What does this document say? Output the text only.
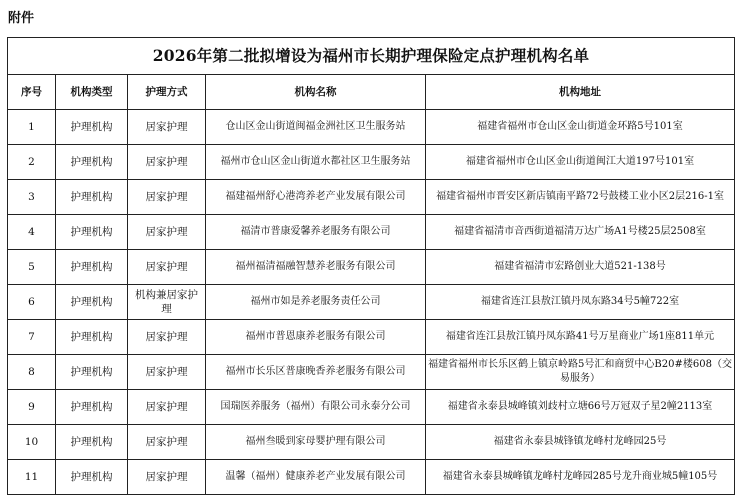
附件
2026年第二批拟增设为福州市长期护理保险定点护理机构名单				
序号	机构类型	护理方式	机构名称	机构地址
1	护理机构	居家护理	仓山区金山街道闽福金洲社区卫生服务站	福建省福州市仓山区金山街道金环路5号101室
2	护理机构	居家护理	福州市仓山区金山街道水都社区卫生服务站	福建省福州市仓山区金山街道闽江大道197号101室
3	护理机构	居家护理	福建福州舒心港湾养老产业发展有限公司	福建省福州市晋安区新店镇南平路72号鼓楼工业小区2层216-1室
4	护理机构	居家护理	福清市普康爱馨养老服务有限公司	福建省福清市音西街道福清万达广场A1号楼25层2508室
5	护理机构	居家护理	福州福清福融智慧养老服务有限公司	福建省福清市宏路创业大道521-138号
6	护理机构	机构兼居家护理	福州市如是养老服务责任公司	福建省连江县敖江镇丹凤东路34号5幢722室
7	护理机构	居家护理	福州市普恩康养老服务有限公司	福建省连江县敖江镇丹凤东路41号万星商业广场1座811单元
8	护理机构	居家护理	福州市长乐区普康晚香养老服务有限公司	福建省福州市长乐区鹤上镇京岭路5号汇和商贸中心B20#楼608（交易服务）
9	护理机构	居家护理	国瑞医养服务（福州）有限公司永泰分公司	福建省永泰县城峰镇刘歧村立塘66号万冠双子星2幢2113室
10	护理机构	居家护理	福州叁暖到家母婴护理有限公司	福建省永泰县城锋镇龙峰村龙峰园25号
11	护理机构	居家护理	温馨（福州）健康养老产业发展有限公司	福建省永泰县城峰镇龙峰村龙峰园285号龙升商业城5幢105号
